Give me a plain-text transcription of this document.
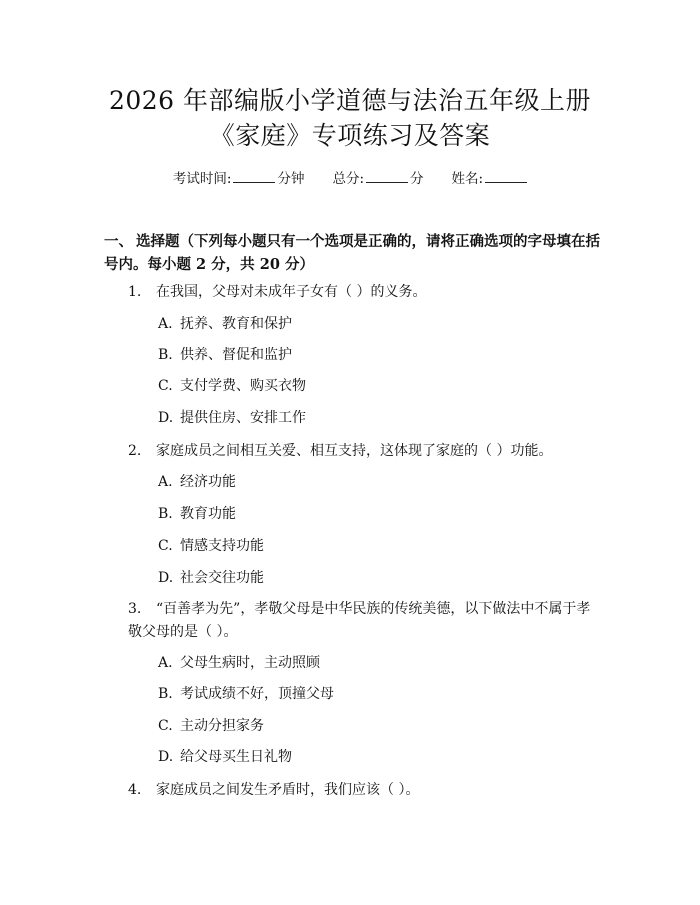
2026 年部编版小学道德与法治五年级上册
《家庭》专项练习及答案
考试时间:	分钟 总分:	分 姓名:
一、 选择题（下列每小题只有一个选项是正确的，请将正确选项的字母填在括号内。每小题 2 分，共 20 分）
1. 在我国，父母对未成年子女有（ ）的义务。
A. 抚养、教育和保护
B. 供养、督促和监护
C. 支付学费、购买衣物
D. 提供住房、安排工作
2. 家庭成员之间相互关爱、相互支持，这体现了家庭的（ ）功能。
A. 经济功能
B. 教育功能
C. 情感支持功能
D. 社会交往功能
3. “百善孝为先”，孝敬父母是中华民族的传统美德，以下做法中不属于孝
敬父母的是（ ）。
A. 父母生病时，主动照顾
B. 考试成绩不好，顶撞父母
C. 主动分担家务
D. 给父母买生日礼物
4. 家庭成员之间发生矛盾时，我们应该（ ）。
